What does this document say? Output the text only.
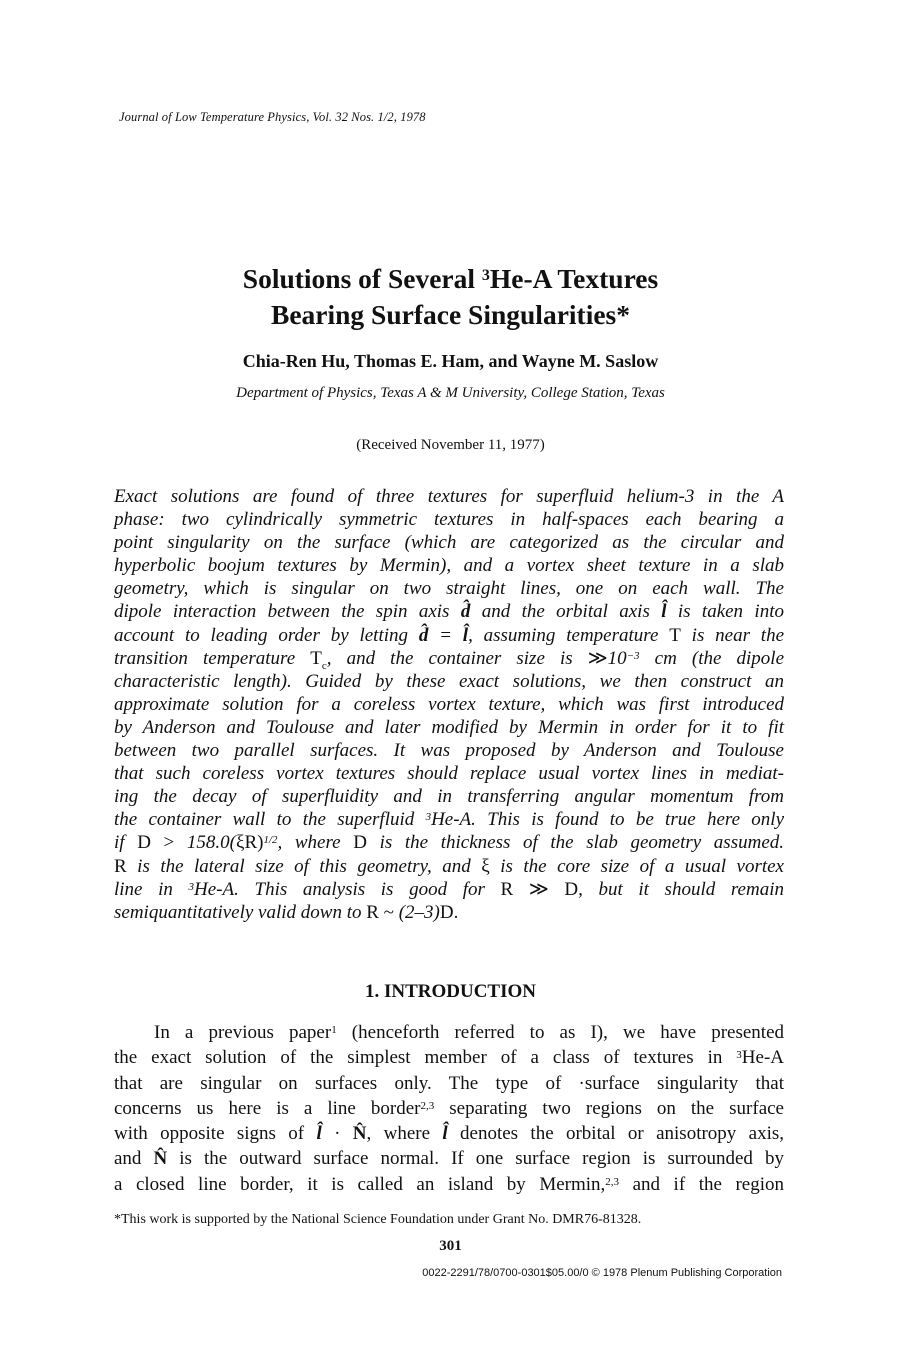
Journal of Low Temperature Physics, Vol. 32 Nos. 1/2, 1978
Solutions of Several $^3$He-A Textures
Bearing Surface Singularities*
Chia-Ren Hu, Thomas E. Ham, and Wayne M. Saslow
Department of Physics, Texas A & M University, College Station, Texas
(Received November 11, 1977)
Exact solutions are found of three textures for superfluid helium-3 in the A
phase: two cylindrically symmetric textures in half-spaces each bearing a
point singularity on the surface (which are categorized as the circular and
hyperbolic boojum textures by Mermin), and a vortex sheet texture in a slab
geometry, which is singular on two straight lines, one on each wall. The
dipole interaction between the spin axis d̂ and the orbital axis l̂ is taken into
account to leading order by letting d̂ = l̂, assuming temperature T is near the
transition temperature $T_c$, and the container size is $≫10^{-3}$ cm (the dipole
characteristic length). Guided by these exact solutions, we then construct an
approximate solution for a coreless vortex texture, which was first introduced
by Anderson and Toulouse and later modified by Mermin in order for it to fit
between two parallel surfaces. It was proposed by Anderson and Toulouse
that such coreless vortex textures should replace usual vortex lines in mediat-
ing the decay of superfluidity and in transferring angular momentum from
the container wall to the superfluid $^3$He-A. This is found to be true here only
if $D > 158.0(\xi R)^{1/2}$, where D is the thickness of the slab geometry assumed.
R is the lateral size of this geometry, and ξ is the core size of a usual vortex
line in $^3$He-A. This analysis is good for R ≫ D, but it should remain
semiquantitatively valid down to R ~ (2–3)D.
1. INTRODUCTION
In a previous paper$^1$ (henceforth referred to as I), we have presented
the exact solution of the simplest member of a class of textures in $^3$He-A
that are singular on surfaces only. The type of ·surface singularity that
concerns us here is a line border$^{2,3}$ separating two regions on the surface
with opposite signs of l̂ · N̂, where l̂ denotes the orbital or anisotropy axis,
and N̂ is the outward surface normal. If one surface region is surrounded by
a closed line border, it is called an island by Mermin,$^{2,3}$ and if the region
*This work is supported by the National Science Foundation under Grant No. DMR76-81328.
301
0022-2291/78/0700-0301$05.00/0 © 1978 Plenum Publishing Corporation
